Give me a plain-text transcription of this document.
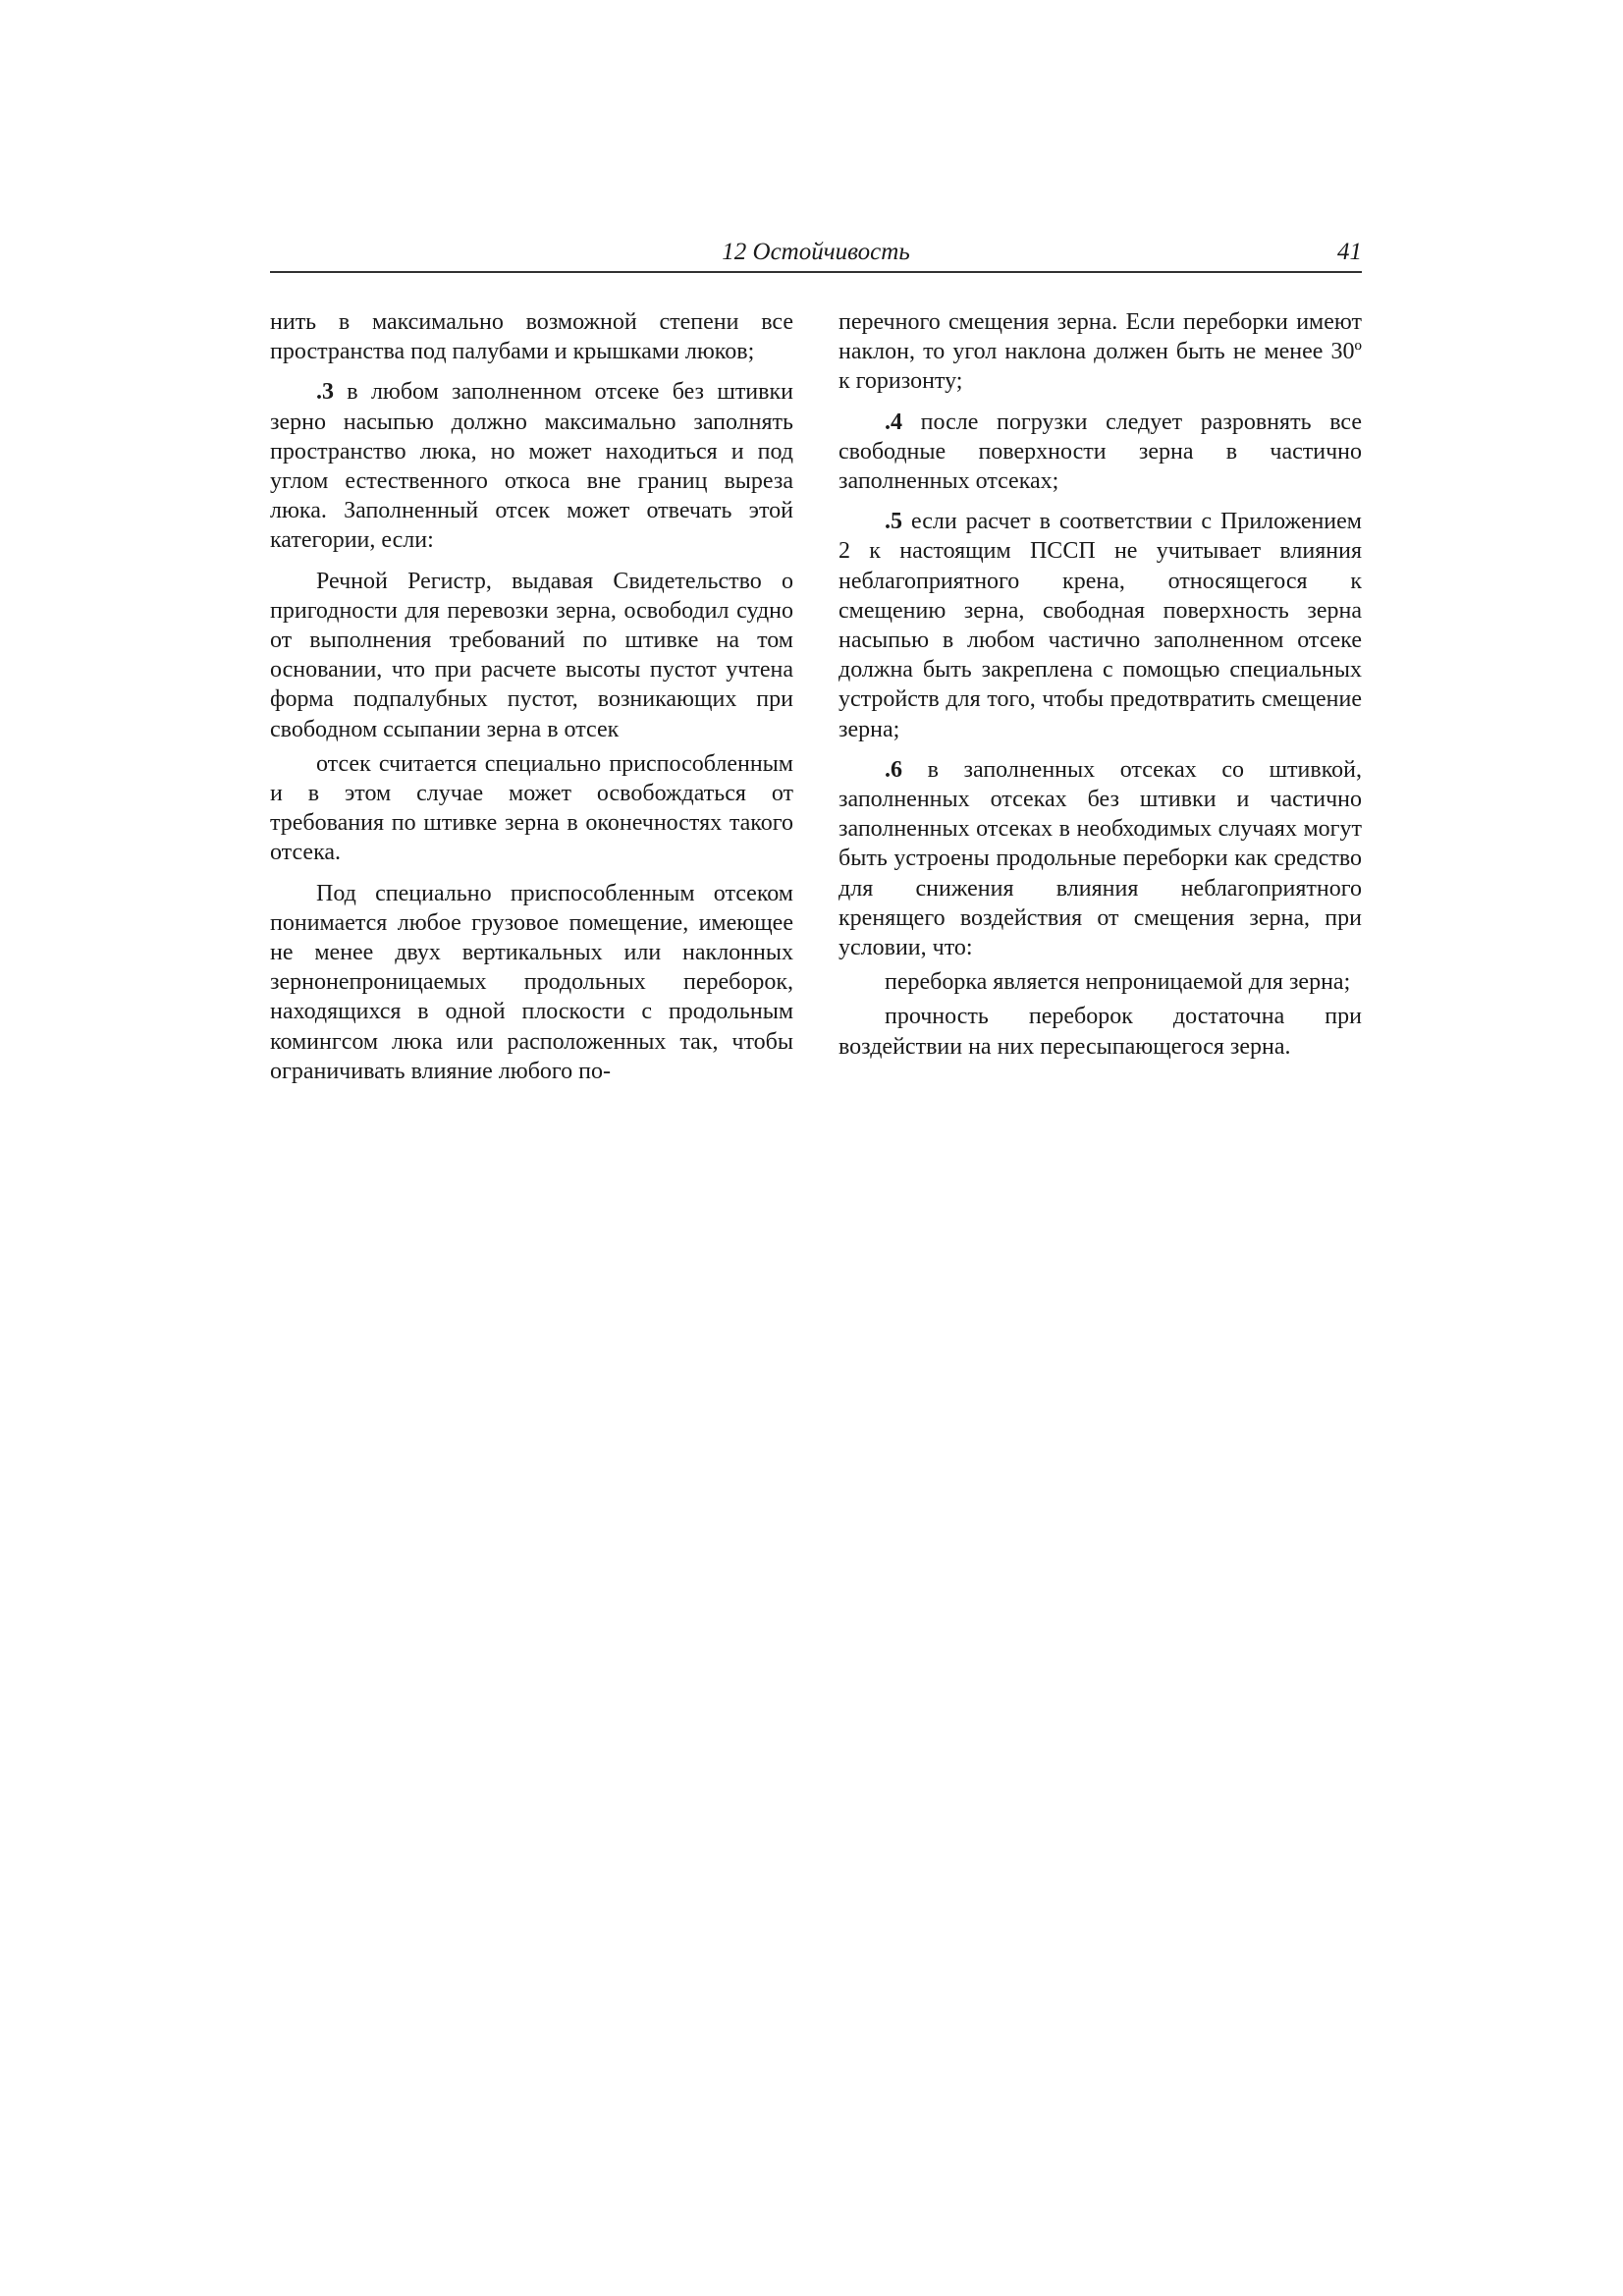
12 Остойчивость	41

нить в максимально возможной степени все пространства под палубами и крышками люков;

.3 в любом заполненном отсеке без штивки зерно насыпью должно максимально заполнять пространство люка, но может находиться и под углом естественного откоса вне границ выреза люка. Заполненный отсек может отвечать этой категории, если:

Речной Регистр, выдавая Свидетельство о пригодности для перевозки зерна, освободил судно от выполнения требований по штивке на том основании, что при расчете высоты пустот учтена форма подпалубных пустот, возникающих при свободном ссыпании зерна в отсек

отсек считается специально приспособленным и в этом случае может освобождаться от требования по штивке зерна в оконечностях такого отсека.

Под специально приспособленным отсеком понимается любое грузовое помещение, имеющее не менее двух вертикальных или наклонных зернонепроницаемых продольных переборок, находящихся в одной плоскости с продольным комингсом люка или расположенных так, чтобы ограничивать влияние любого по-

перечного смещения зерна. Если переборки имеют наклон, то угол наклона должен быть не менее 30º к горизонту;

.4 после погрузки следует разровнять все свободные поверхности зерна в частично заполненных отсеках;

.5 если расчет в соответствии с Приложением 2 к настоящим ПССП не учитывает влияния неблагоприятного крена, относящегося к смещению зерна, свободная поверхность зерна насыпью в любом частично заполненном отсеке должна быть закреплена с помощью специальных устройств для того, чтобы предотвратить смещение зерна;

.6 в заполненных отсеках со штивкой, заполненных отсеках без штивки и частично заполненных отсеках в необходимых случаях могут быть устроены продольные переборки как средство для снижения влияния неблагоприятного кренящего воздействия от смещения зерна, при условии, что:

переборка является непроницаемой для зерна;

прочность переборок достаточна при воздействии на них пересыпающегося зерна.
